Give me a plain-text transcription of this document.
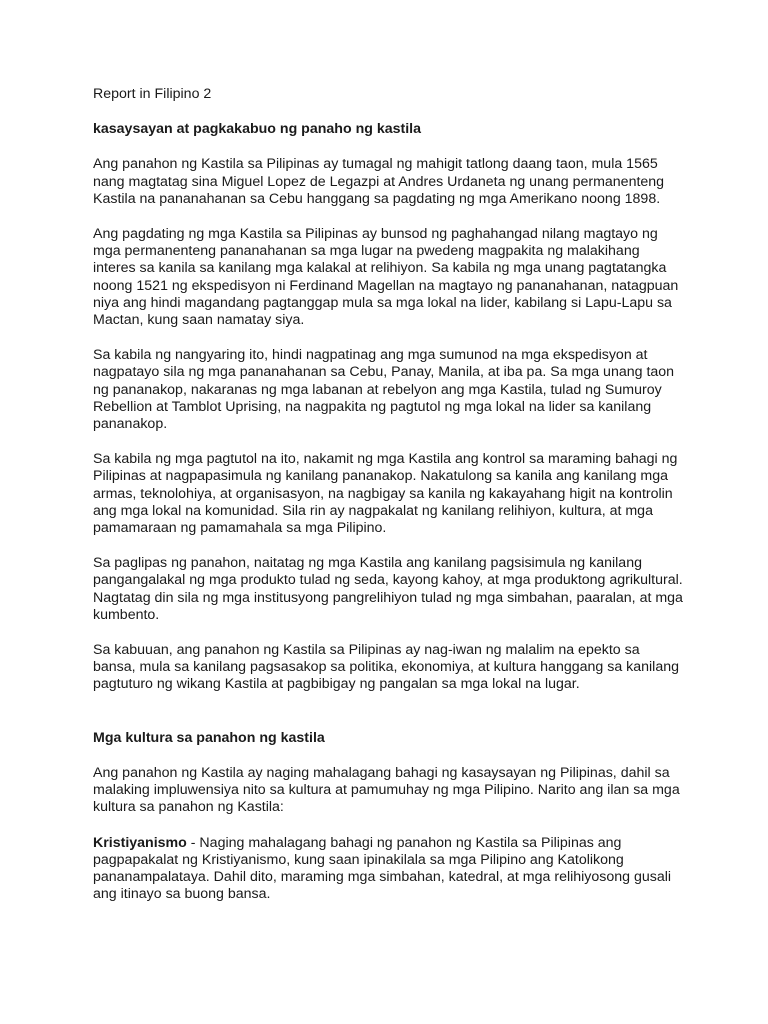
Report in Filipino 2

kasaysayan at pagkakabuo ng panaho ng kastila

Ang panahon ng Kastila sa Pilipinas ay tumagal ng mahigit tatlong daang taon, mula 1565 nang magtatag sina Miguel Lopez de Legazpi at Andres Urdaneta ng unang permanenteng Kastila na pananahanan sa Cebu hanggang sa pagdating ng mga Amerikano noong 1898.

Ang pagdating ng mga Kastila sa Pilipinas ay bunsod ng paghahangad nilang magtayo ng mga permanenteng pananahanan sa mga lugar na pwedeng magpakita ng malakihang interes sa kanila sa kanilang mga kalakal at relihiyon. Sa kabila ng mga unang pagtatangka noong 1521 ng ekspedisyon ni Ferdinand Magellan na magtayo ng pananahanan, natagpuan niya ang hindi magandang pagtanggap mula sa mga lokal na lider, kabilang si Lapu-Lapu sa Mactan, kung saan namatay siya.

Sa kabila ng nangyaring ito, hindi nagpatinag ang mga sumunod na mga ekspedisyon at nagpatayo sila ng mga pananahanan sa Cebu, Panay, Manila, at iba pa. Sa mga unang taon ng pananakop, nakaranas ng mga labanan at rebelyon ang mga Kastila, tulad ng Sumuroy Rebellion at Tamblot Uprising, na nagpakita ng pagtutol ng mga lokal na lider sa kanilang pananakop.

Sa kabila ng mga pagtutol na ito, nakamit ng mga Kastila ang kontrol sa maraming bahagi ng Pilipinas at nagpapasimula ng kanilang pananakop. Nakatulong sa kanila ang kanilang mga armas, teknolohiya, at organisasyon, na nagbigay sa kanila ng kakayahang higit na kontrolin ang mga lokal na komunidad. Sila rin ay nagpakalat ng kanilang relihiyon, kultura, at mga pamamaraan ng pamamahala sa mga Pilipino.

Sa paglipas ng panahon, naitatag ng mga Kastila ang kanilang pagsisimula ng kanilang pangangalakal ng mga produkto tulad ng seda, kayong kahoy, at mga produktong agrikultural. Nagtatag din sila ng mga institusyong pangrelihiyon tulad ng mga simbahan, paaralan, at mga kumbento.

Sa kabuuan, ang panahon ng Kastila sa Pilipinas ay nag-iwan ng malalim na epekto sa bansa, mula sa kanilang pagsasakop sa politika, ekonomiya, at kultura hanggang sa kanilang pagtuturo ng wikang Kastila at pagbibigay ng pangalan sa mga lokal na lugar.

Mga kultura sa panahon ng kastila

Ang panahon ng Kastila ay naging mahalagang bahagi ng kasaysayan ng Pilipinas, dahil sa malaking impluwensiya nito sa kultura at pamumuhay ng mga Pilipino. Narito ang ilan sa mga kultura sa panahon ng Kastila:

Kristiyanismo - Naging mahalagang bahagi ng panahon ng Kastila sa Pilipinas ang pagpapakalat ng Kristiyanismo, kung saan ipinakilala sa mga Pilipino ang Katolikong pananampalataya. Dahil dito, maraming mga simbahan, katedral, at mga relihiyosong gusali ang itinayo sa buong bansa.
